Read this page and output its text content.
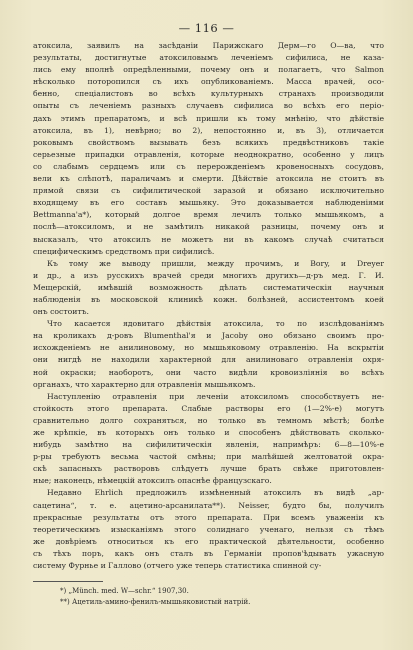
— 116 —
атоксила, заявилъ на засѣданіи Парижскаго Дерм—го О—ва, что
результаты, достигнутые атоксиловымъ леченіемъ сифилиса, не каза-
лись ему вполнѣ опредѣленными, почему онъ и полагаетъ, что Salmon
нѣсколько поторопился съ ихъ опубликованіемъ. Масса врачей, осо-
бенно, спеціалистовъ во всѣхъ культурныхъ странахъ производили
опыты съ леченіемъ разныхъ случаевъ сифилиса во всѣхъ его перio-
дахъ этимъ препаратомъ, и всѣ пришли къ тому мнѣнію, что дѣйствіе
атоксила, въ 1), невѣрно; во 2), непостоянно и, въ 3), отличается
роковымъ свойствомъ вызывать безъ всякихъ предвѣстниковъ такіе
серьезные припадки отравленія, которые неоднократно, особенно у лицъ
со слабымъ сердцемъ или съ перерожденіемъ кровеносныхъ сосудовъ,
вели къ слѣпотѣ, параличамъ и смерти. Дѣйствіе атоксила не стоитъ въ
прямой связи съ сифилитической заразой и обязано исключительно
входящему въ его составъ мышьяку. Это доказывается наблюденіями
Bettmanna'a*), который долгое время лечилъ только мышьякомъ, а
послѣ—атоксиломъ, и не замѣтилъ никакой разницы, почему онъ и
высказалъ, что атоксилъ не можетъ ни въ какомъ случаѣ считаться
специфическимъ средствомъ при сифилисѣ.
Къ тому же выводу пришли, между прочимъ, и Bory, и Dreyer
и др., а изъ русскихъ врачей среди многихъ другихъ—д-ръ мед. Г. И.
Мещерскій, имѣвшій возможность дѣлать систематическія научныя
наблюденія въ московской клиникѣ кожн. болѣзней, ассистентомъ коей
онъ состоитъ.
Что касается ядовитаго дѣйствія атоксила, то по изслѣдованіямъ
на кроликахъ д-ровъ Blumenthal'я и Jacoby оно обязано своимъ про-
исхожденіемъ не анилиновому, но мышьяковому отравленію. На вскрытіи
они нигдѣ не находили характерной для анилиноваго отравленія охря-
ной окраски; наоборотъ, они часто видѣли кровоизліянія во всѣхъ
органахъ, что характерно для отравленія мышьякомъ.
Наступленію отравленія при леченіи атоксиломъ способствуетъ не-
стойкость этого препарата. Слабые растворы его (1—2%-е) могутъ
сравнительно долго сохраняться, но только въ темномъ мѣстѣ; болѣе
же крѣпкіе, въ которыхъ онъ только и способенъ дѣйствовать сколько-
нибудь замѣтно на сифилитическія явленія, напримѣръ: 6—8—10%-е
р-ры требуютъ весьма частой смѣны; при малѣйшей желтоватой окра-
скѣ запасныхъ растворовъ слѣдуетъ лучше брать свѣже приготовлен-
ные; наконецъ, нѣмецкій атоксилъ опаснѣе французскаго.
Недавно Ehrlich предложилъ измѣненный атоксилъ въ видѣ „ар-
сацетина“, т. е. ацетино-арсанилата**). Neisser, будто бы, получилъ
прекрасные результаты отъ этого препарата. При всемъ уваженіи къ
теоретическимъ изысканіямъ этого солиднаго ученаго, нельзя съ тѣмъ
же довѣріемъ относиться къ его практической дѣятельности, особенно
съ тѣхъ поръ, какъ онъ сталъ въ Германіи пропов'ѣдывать ужасную
систему Фурнье и Галлово (отчего уже теперь статистика спинной су-
*) „Münch. med. W—schr.“ 1907,30.
**) Ацетиль-амино-фенилъ-мышьяковистый натрій.
